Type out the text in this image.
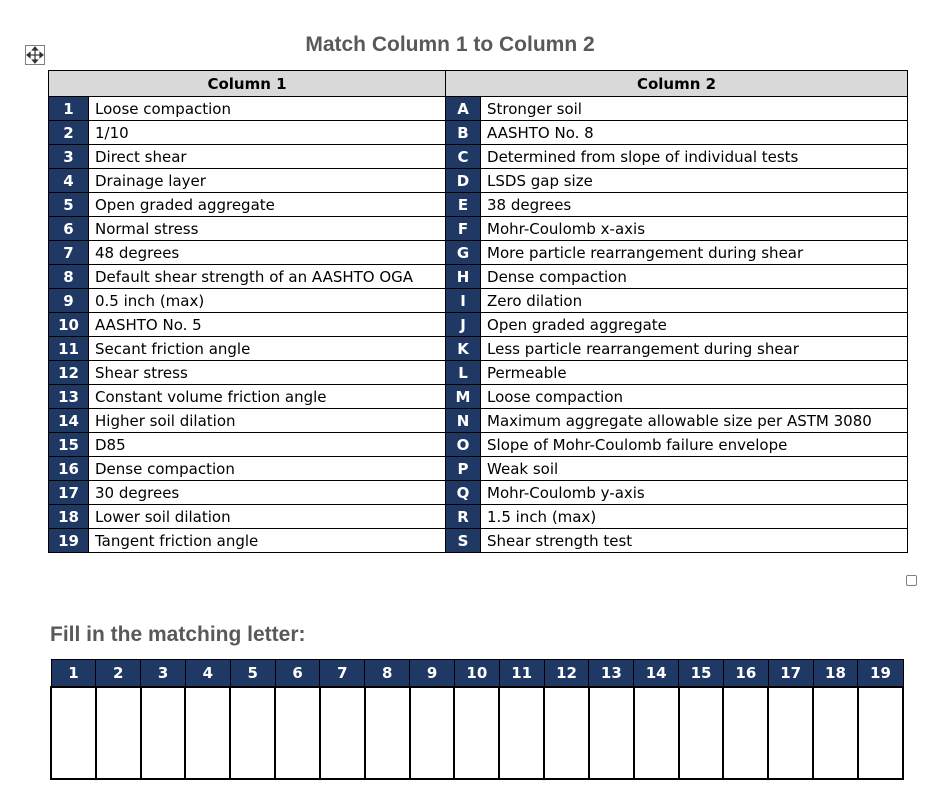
Match Column 1 to Column 2
Column 1		Column 2	
1	Loose compaction	A	Stronger soil
2	1/10	B	AASHTO No. 8
3	Direct shear	C	Determined from slope of individual tests
4	Drainage layer	D	LSDS gap size
5	Open graded aggregate	E	38 degrees
6	Normal stress	F	Mohr-Coulomb x-axis
7	48 degrees	G	More particle rearrangement during shear
8	Default shear strength of an AASHTO OGA	H	Dense compaction
9	0.5 inch (max)	I	Zero dilation
10	AASHTO No. 5	J	Open graded aggregate
11	Secant friction angle	K	Less particle rearrangement during shear
12	Shear stress	L	Permeable
13	Constant volume friction angle	M	Loose compaction
14	Higher soil dilation	N	Maximum aggregate allowable size per ASTM 3080
15	D85	O	Slope of Mohr-Coulomb failure envelope
16	Dense compaction	P	Weak soil
17	30 degrees	Q	Mohr-Coulomb y-axis
18	Lower soil dilation	R	1.5 inch (max)
19	Tangent friction angle	S	Shear strength test
Fill in the matching letter:
1	2	3	4	5	6	7	8	9	10	11	12	13	14	15	16	17	18	19
